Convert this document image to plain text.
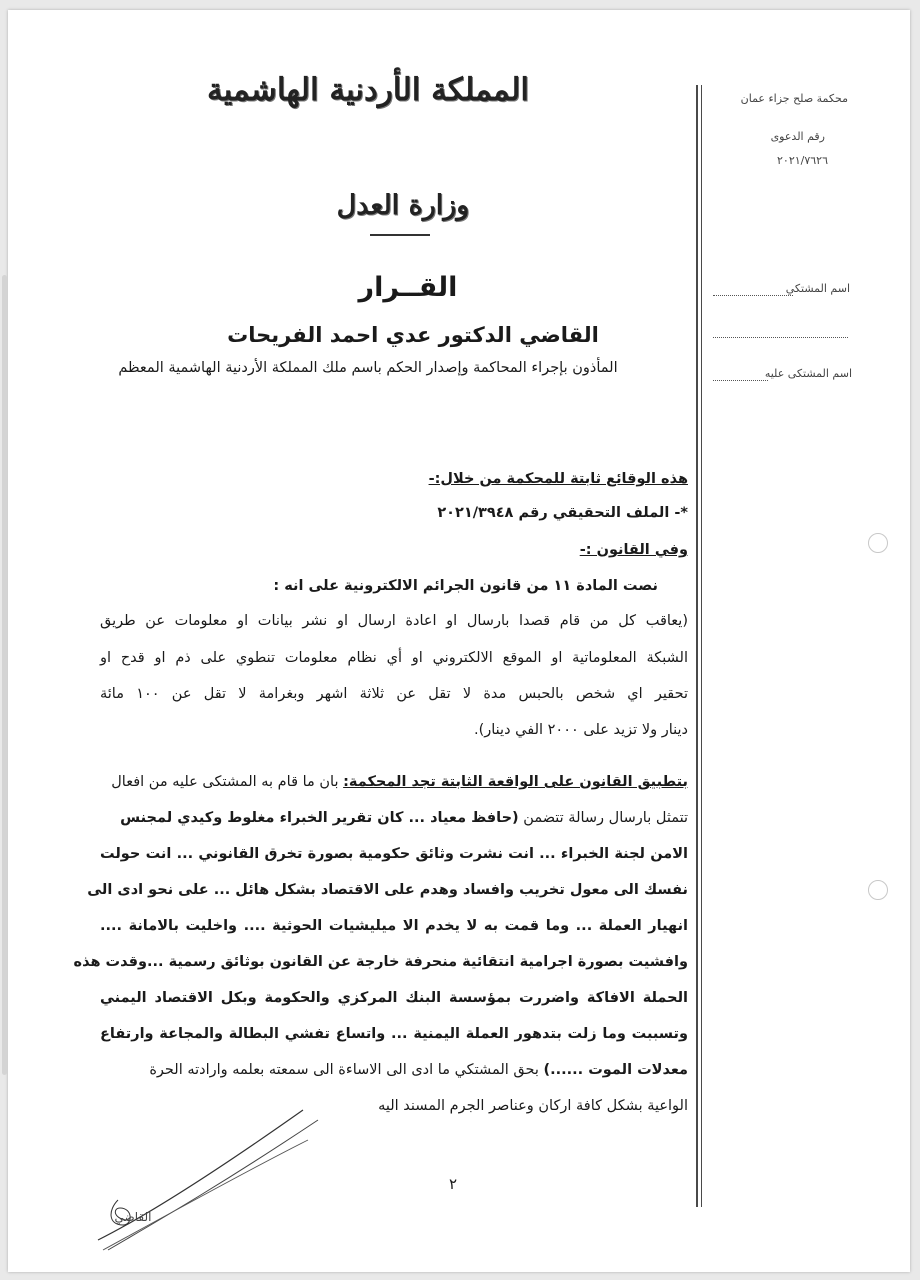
محكمة صلح جزاء عمان
رقم الدعوى
٢٠٢١/٧٦٢٦
اسم المشتكي
اسم المشتكى عليه
المملكة الأردنية الهاشمية
وزارة العدل
القــرار
القاضي الدكتور عدي احمد الفريحات
المأذون بإجراء المحاكمة وإصدار الحكم باسم ملك المملكة الأردنية الهاشمية المعظم
هذه الوقائع ثابتة للمحكمة من خلال:-
*- الملف التحقيقي رقم ٢٠٢١/٣٩٤٨
وفي القانون :-
نصت المادة ١١ من قانون الجرائم الالكترونية على انه :
(يعاقب كل من قام قصدا بارسال او اعادة ارسال او نشر بيانات او معلومات عن طريق
الشبكة المعلوماتية او الموقع الالكتروني او أي نظام معلومات تنطوي على ذم او قدح او
تحقير اي شخص بالحبس مدة لا تقل عن ثلاثة اشهر وبغرامة لا تقل عن ١٠٠ مائة
دينار ولا تزيد على ٢٠٠٠ الفي دينار).
بتطبيق القانون على الواقعة الثابتة تجد المحكمة: بان ما قام به المشتكى عليه من افعال
تتمثل بارسال رسالة تتضمن (حافظ معياد ... كان تقرير الخبراء مغلوط وكيدي لمجنس
الامن لجنة الخبراء ... انت نشرت وثائق حكومية بصورة تخرق القانوني ... انت حولت
نفسك الى معول تخريب وافساد وهدم على الاقتصاد بشكل هائل ... على نحو ادى الى
انهيار العملة ... وما قمت به لا يخدم الا ميليشيات الحوثية .... واخليت بالامانة ....
وافشيت بصورة اجرامية انتقائية منحرفة خارجة عن القانون بوثائق رسمية ...وقدت هذه
الحملة الافاكة واضررت بمؤسسة البنك المركزي والحكومة وبكل الاقتصاد اليمني
وتسببت وما زلت بتدهور العملة اليمنية ... واتساع تفشي البطالة والمجاعة وارتفاع
معدلات الموت ......) بحق المشتكي ما ادى الى الاساءة الى سمعته بعلمه وارادته الحرة
الواعية بشكل كافة اركان وعناصر الجرم المسند اليه
٢
القاضي
